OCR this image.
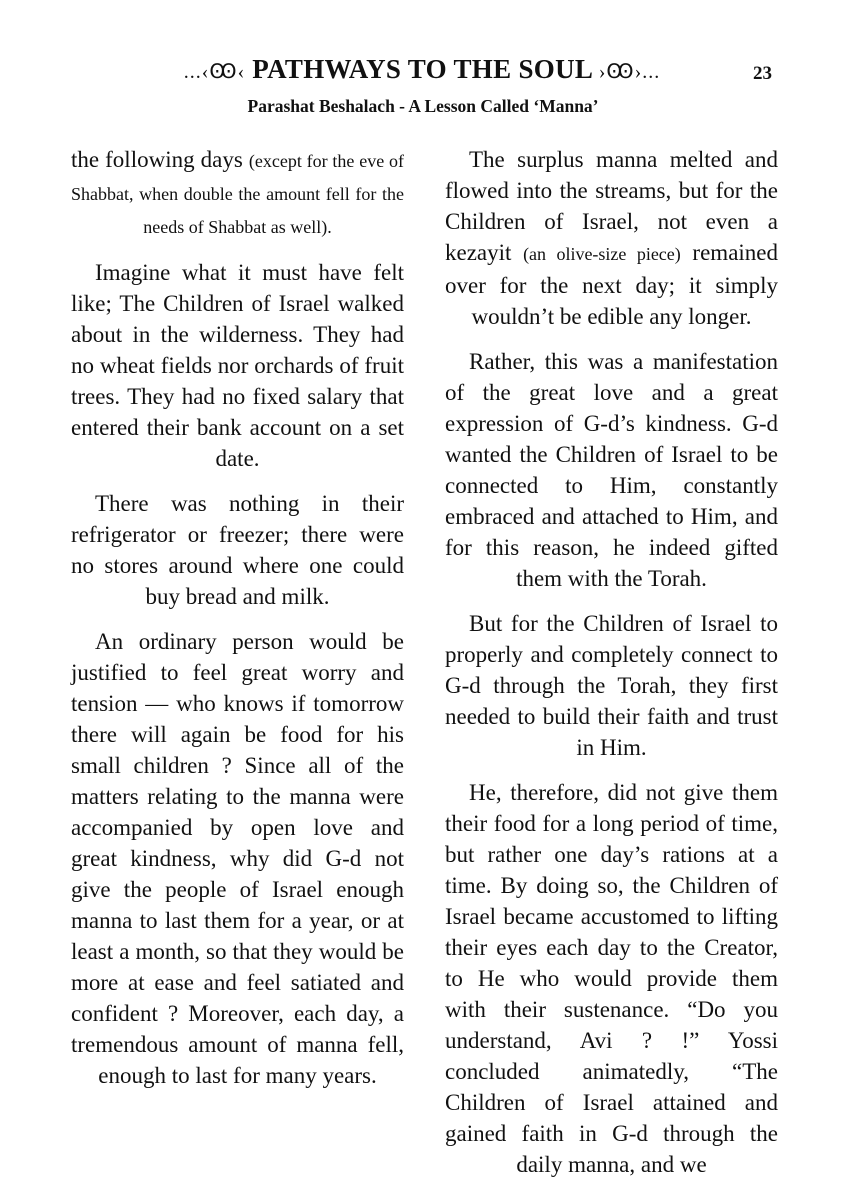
...‹Ꙭ‹ PATHWAYS TO THE SOUL ›Ꙭ›...	23
Parashat Beshalach - A Lesson Called ‘Manna’

the following days (except for the eve of Shabbat, when double the amount fell for the needs of Shabbat as well).

Imagine what it must have felt like; The Children of Israel walked about in the wilderness. They had no wheat fields nor orchards of fruit trees. They had no fixed salary that entered their bank account on a set date.

There was nothing in their refrigerator or freezer; there were no stores around where one could buy bread and milk.

An ordinary person would be justified to feel great worry and tension — who knows if tomorrow there will again be food for his small children ? Since all of the matters relating to the manna were accompanied by open love and great kindness, why did G-d not give the people of Israel enough manna to last them for a year, or at least a month, so that they would be more at ease and feel satiated and confident ? Moreover, each day, a tremendous amount of manna fell, enough to last for many years.

The surplus manna melted and flowed into the streams, but for the Children of Israel, not even a kezayit (an olive-size piece) remained over for the next day; it simply wouldn’t be edible any longer.

Rather, this was a manifestation of the great love and a great expression of G-d’s kindness. G-d wanted the Children of Israel to be connected to Him, constantly embraced and attached to Him, and for this reason, he indeed gifted them with the Torah.

But for the Children of Israel to properly and completely connect to G-d through the Torah, they first needed to build their faith and trust in Him.

He, therefore, did not give them their food for a long period of time, but rather one day’s rations at a time. By doing so, the Children of Israel became accustomed to lifting their eyes each day to the Creator, to He who would provide them with their sustenance. “Do you understand, Avi ? !” Yossi concluded animatedly, “The Children of Israel attained and gained faith in G-d through the daily manna, and we
